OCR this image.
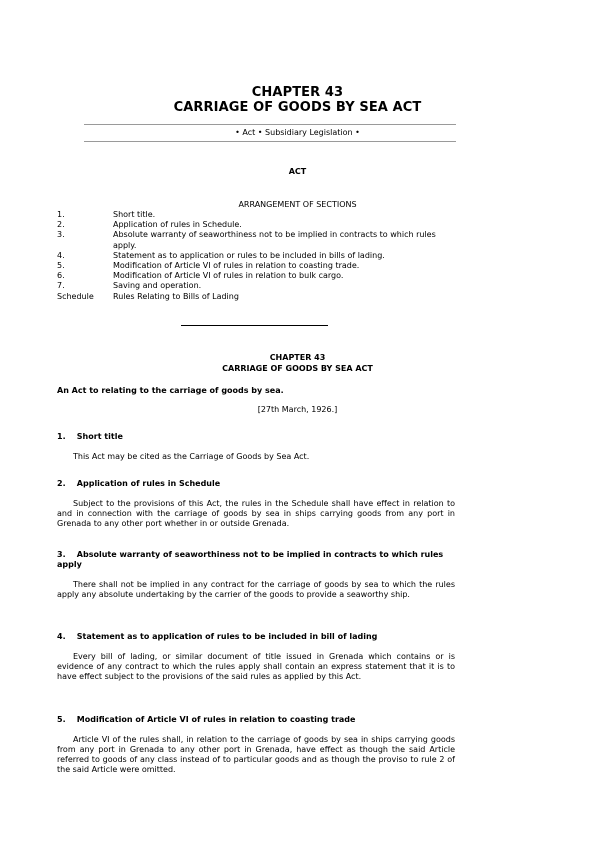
CHAPTER 43
CARRIAGE OF GOODS BY SEA ACT
• Act • Subsidiary Legislation •
ACT
ARRANGEMENT OF SECTIONS
1.	Short title.
2.	Application of rules in Schedule.
3.	Absolute warranty of seaworthiness not to be implied in contracts to which rules apply.
4.	Statement as to application or rules to be included in bills of lading.
5.	Modification of Article VI of rules in relation to coasting trade.
6.	Modification of Article VI of rules in relation to bulk cargo.
7.	Saving and operation.
Schedule	Rules Relating to Bills of Lading
CHAPTER 43
CARRIAGE OF GOODS BY SEA ACT
An Act to relating to the carriage of goods by sea.
[27th March, 1926.]
1. Short title
This Act may be cited as the Carriage of Goods by Sea Act.
2. Application of rules in Schedule
Subject to the provisions of this Act, the rules in the Schedule shall have effect in relation to and in connection with the carriage of goods by sea in ships carrying goods from any port in Grenada to any other port whether in or outside Grenada.
3. Absolute warranty of seaworthiness not to be implied in contracts to which rules apply
There shall not be implied in any contract for the carriage of goods by sea to which the rules apply any absolute undertaking by the carrier of the goods to provide a seaworthy ship.
4. Statement as to application of rules to be included in bill of lading
Every bill of lading, or similar document of title issued in Grenada which contains or is evidence of any contract to which the rules apply shall contain an express statement that it is to have effect subject to the provisions of the said rules as applied by this Act.
5. Modification of Article VI of rules in relation to coasting trade
Article VI of the rules shall, in relation to the carriage of goods by sea in ships carrying goods from any port in Grenada to any other port in Grenada, have effect as though the said Article referred to goods of any class instead of to particular goods and as though the proviso to rule 2 of the said Article were omitted.
